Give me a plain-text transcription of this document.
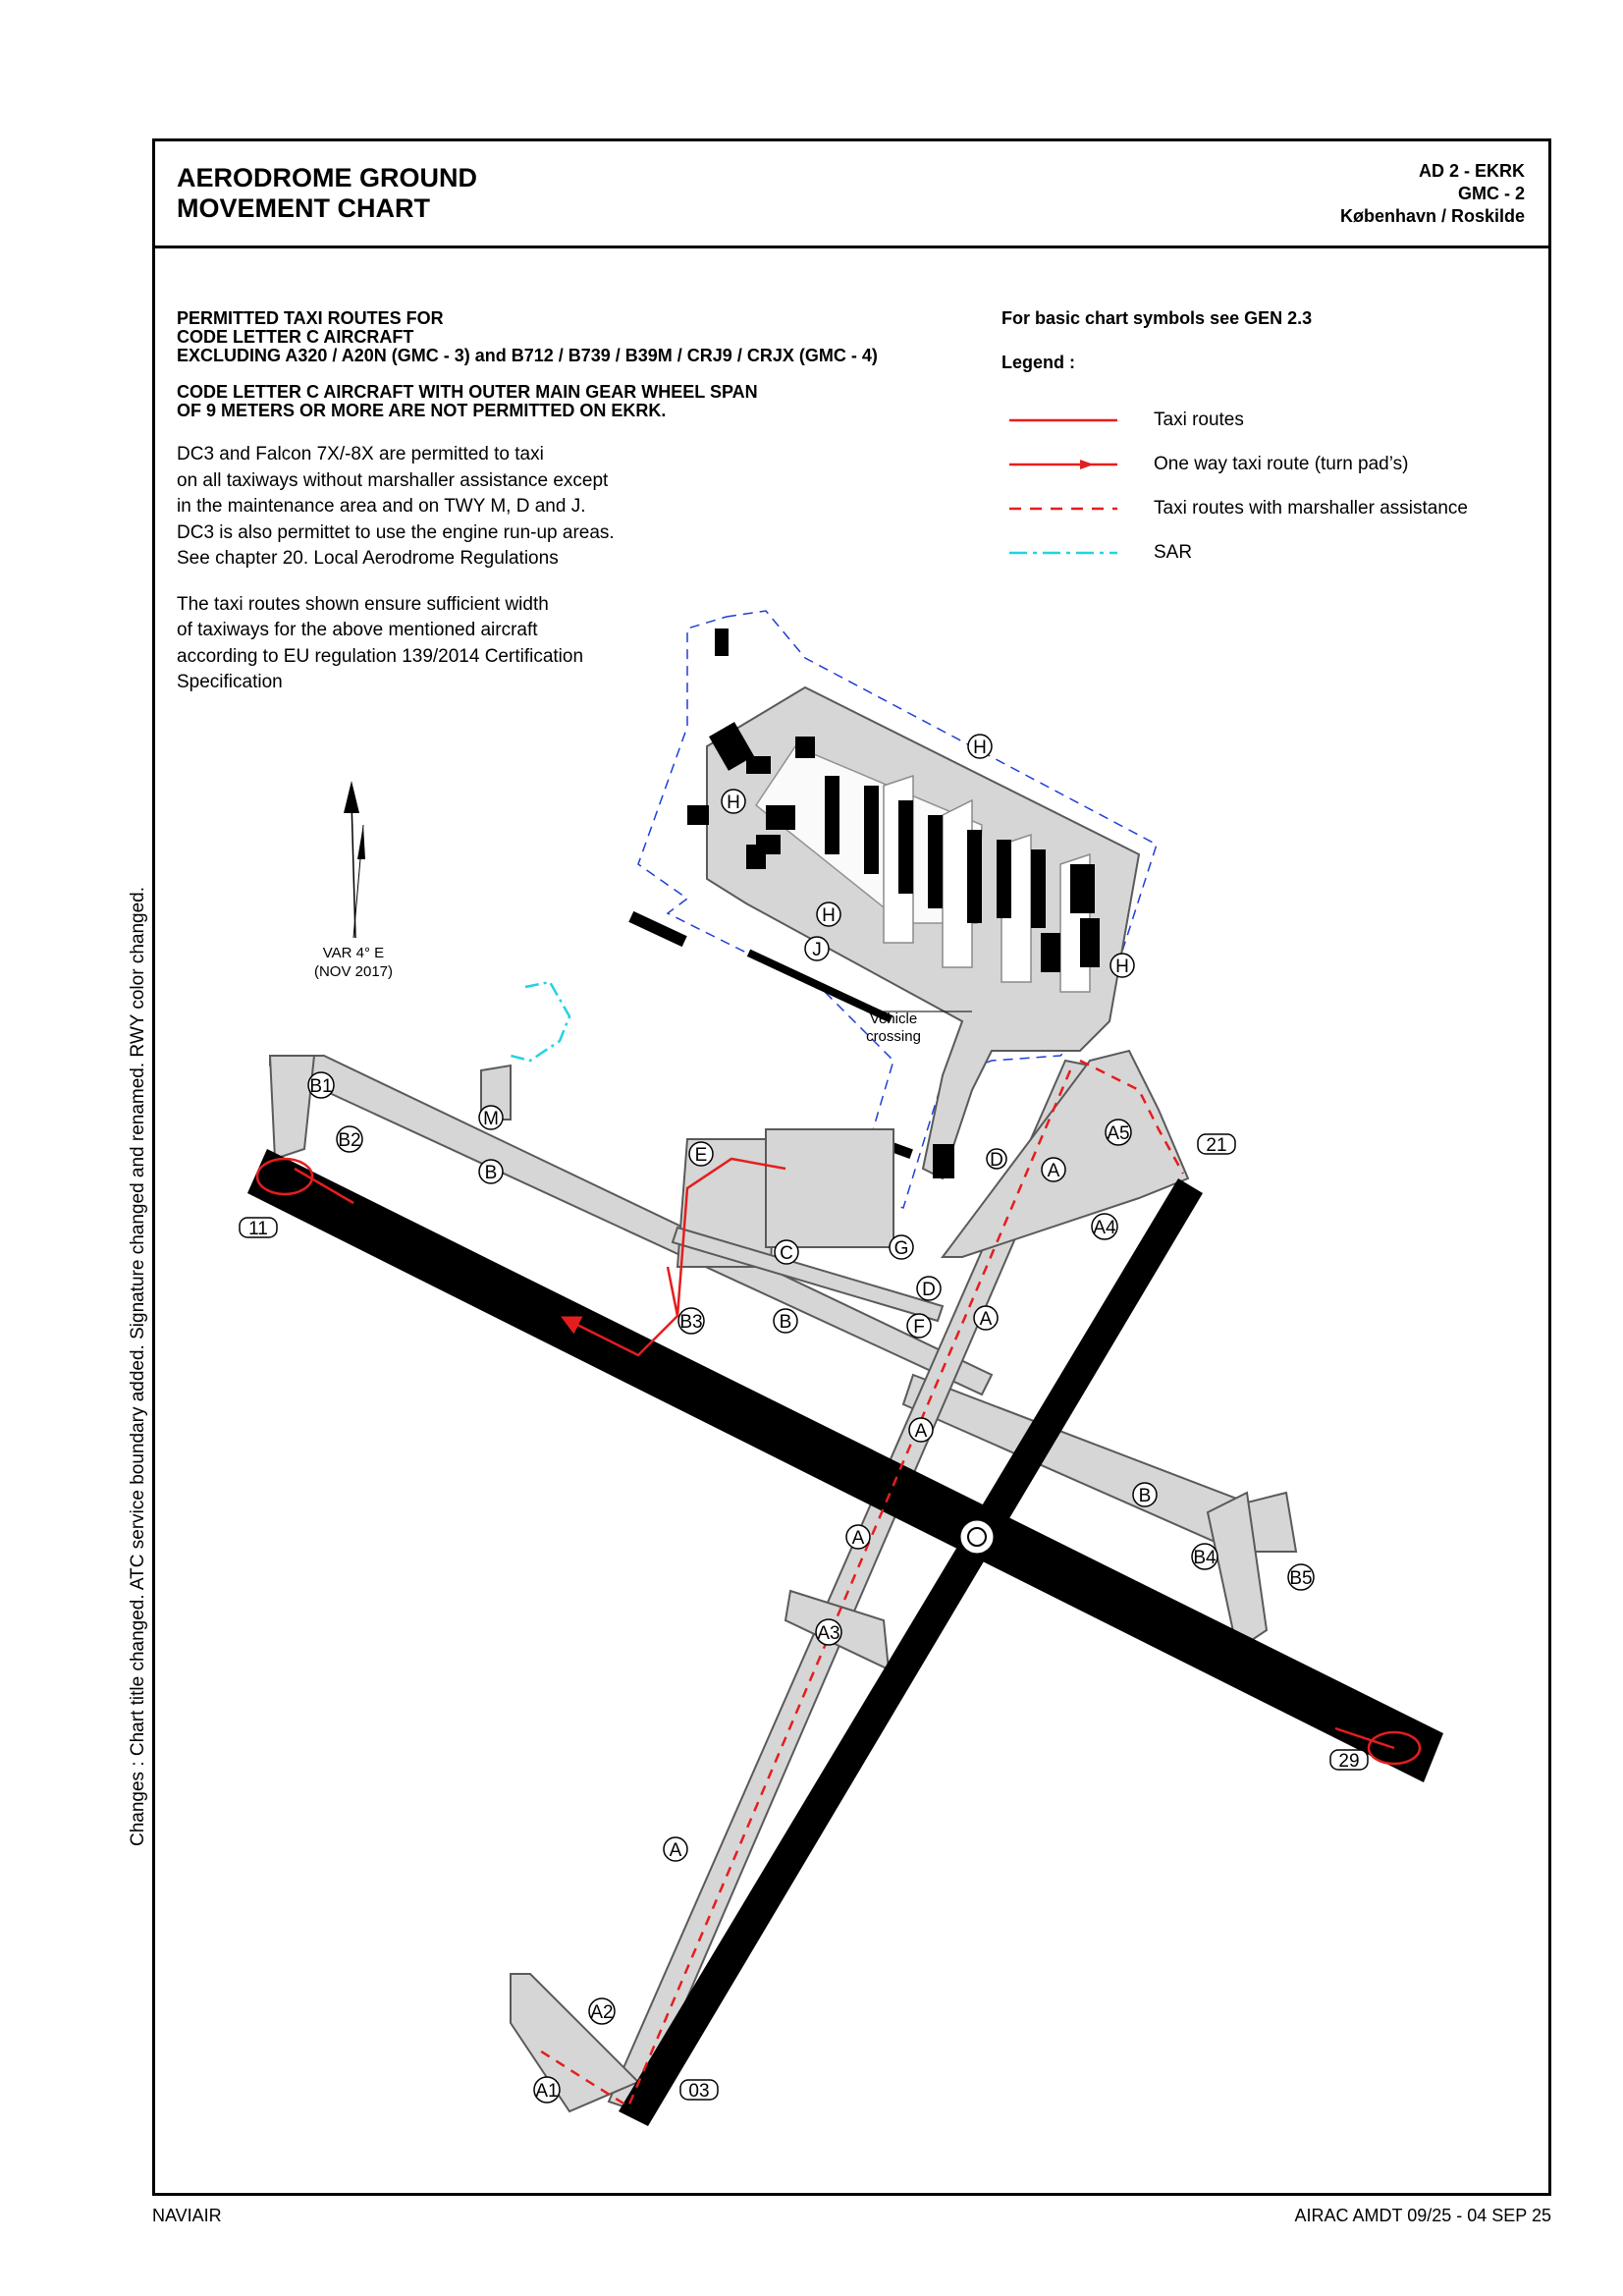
AERODROME GROUND
MOVEMENT CHART
AD 2 - EKRK
GMC - 2
København / Roskilde
PERMITTED TAXI ROUTES FOR
CODE LETTER C AIRCRAFT
EXCLUDING A320 / A20N (GMC - 3) and B712 / B739 / B39M / CRJ9 / CRJX (GMC - 4)
CODE LETTER C AIRCRAFT WITH OUTER MAIN GEAR WHEEL SPAN
OF 9 METERS OR MORE ARE NOT PERMITTED ON EKRK.
DC3 and Falcon 7X/-8X are permitted to taxi
on all taxiways without marshaller assistance except
in the maintenance area and on TWY M, D and J.
DC3 is also permittet to use the engine run-up areas.
See chapter 20. Local Aerodrome Regulations
The taxi routes shown ensure sufficient width
of taxiways for the above mentioned aircraft
according to EU regulation 139/2014 Certification
Specification
For basic chart symbols see GEN 2.3
Legend :
Taxi routes
One way taxi route (turn pad’s)
Taxi routes with marshaller assistance
SAR
VAR 4° E
(NOV 2017)
Vehicle
crossing
11
29
21
03
B1
B2
M
B
E
C	G
D
F
B3	B	A
A
A5
A4
A
A
B
B4
B5
A3
A
A2
A1
H
H
H
J
H
D
Changes : Chart title changed. ATC service boundary added. Signature changed and renamed. RWY color changed.
NAVIAIR	AIRAC AMDT 09/25 - 04 SEP 25
